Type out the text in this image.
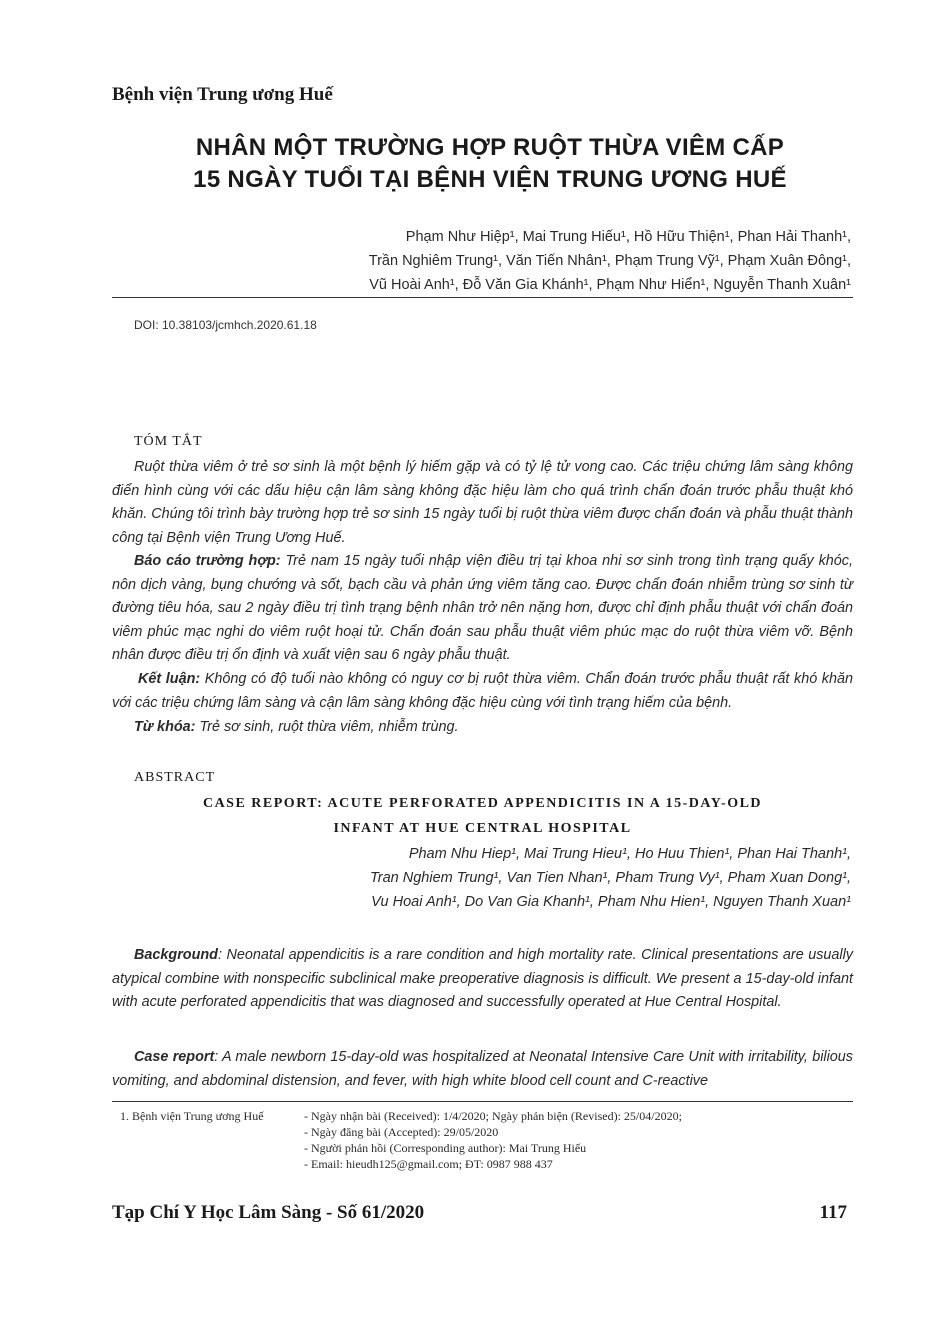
Bệnh viện Trung ương Huế
NHÂN MỘT TRƯỜNG HỢP RUỘT THỪA VIÊM CẤP
15 NGÀY TUỔI TẠI BỆNH VIỆN TRUNG ƯƠNG HUẾ
Phạm Như Hiệp¹, Mai Trung Hiếu¹, Hồ Hữu Thiện¹, Phan Hải Thanh¹,
Trần Nghiêm Trung¹, Văn Tiến Nhân¹, Phạm Trung Vỹ¹, Phạm Xuân Đông¹,
Vũ Hoài Anh¹, Đỗ Văn Gia Khánh¹, Phạm Như Hiển¹, Nguyễn Thanh Xuân¹
DOI: 10.38103/jcmhch.2020.61.18
TÓM TẮT
Ruột thừa viêm ở trẻ sơ sinh là một bệnh lý hiếm gặp và có tỷ lệ tử vong cao. Các triệu chứng lâm sàng không điển hình cùng với các dấu hiệu cận lâm sàng không đặc hiệu làm cho quá trình chẩn đoán trước phẫu thuật khó khăn. Chúng tôi trình bày trường hợp trẻ sơ sinh 15 ngày tuổi bị ruột thừa viêm được chẩn đoán và phẫu thuật thành công tại Bệnh viện Trung Ương Huế.
Báo cáo trường hợp: Trẻ nam 15 ngày tuổi nhập viện điều trị tại khoa nhi sơ sinh trong tình trạng quấy khóc, nôn dịch vàng, bụng chướng và sốt, bạch cầu và phản ứng viêm tăng cao. Được chẩn đoán nhiễm trùng sơ sinh từ đường tiêu hóa, sau 2 ngày điều trị tình trạng bệnh nhân trở nên nặng hơn, được chỉ định phẫu thuật với chẩn đoán viêm phúc mạc nghi do viêm ruột hoại tử. Chẩn đoán sau phẫu thuật viêm phúc mạc do ruột thừa viêm vỡ. Bệnh nhân được điều trị ổn định và xuất viện sau 6 ngày phẫu thuật.
Kết luận: Không có độ tuổi nào không có nguy cơ bị ruột thừa viêm. Chẩn đoán trước phẫu thuật rất khó khăn với các triệu chứng lâm sàng và cận lâm sàng không đặc hiệu cùng với tình trạng hiếm của bệnh.
Từ khóa: Trẻ sơ sinh, ruột thừa viêm, nhiễm trùng.
ABSTRACT
CASE REPORT: ACUTE PERFORATED APPENDICITIS IN A 15-DAY-OLD
INFANT AT HUE CENTRAL HOSPITAL
Pham Nhu Hiep¹, Mai Trung Hieu¹, Ho Huu Thien¹, Phan Hai Thanh¹,
Tran Nghiem Trung¹, Van Tien Nhan¹, Pham Trung Vy¹, Pham Xuan Dong¹,
Vu Hoai Anh¹, Do Van Gia Khanh¹, Pham Nhu Hien¹, Nguyen Thanh Xuan¹
Background: Neonatal appendicitis is a rare condition and high mortality rate. Clinical presentations are usually atypical combine with nonspecific subclinical make preoperative diagnosis is difficult. We present a 15-day-old infant with acute perforated appendicitis that was diagnosed and successfully operated at Hue Central Hospital.
Case report: A male newborn 15-day-old was hospitalized at Neonatal Intensive Care Unit with irritability, bilious vomiting, and abdominal distension, and fever, with high white blood cell count and C-reactive
1. Bệnh viện Trung ương Huế	- Ngày nhận bài (Received): 1/4/2020; Ngày phản biện (Revised): 25/04/2020;
- Ngày đăng bài (Accepted): 29/05/2020
- Người phản hồi (Corresponding author): Mai Trung Hiếu
- Email: hieudh125@gmail.com; ĐT: 0987 988 437
Tạp Chí Y Học Lâm Sàng - Số 61/2020	117
